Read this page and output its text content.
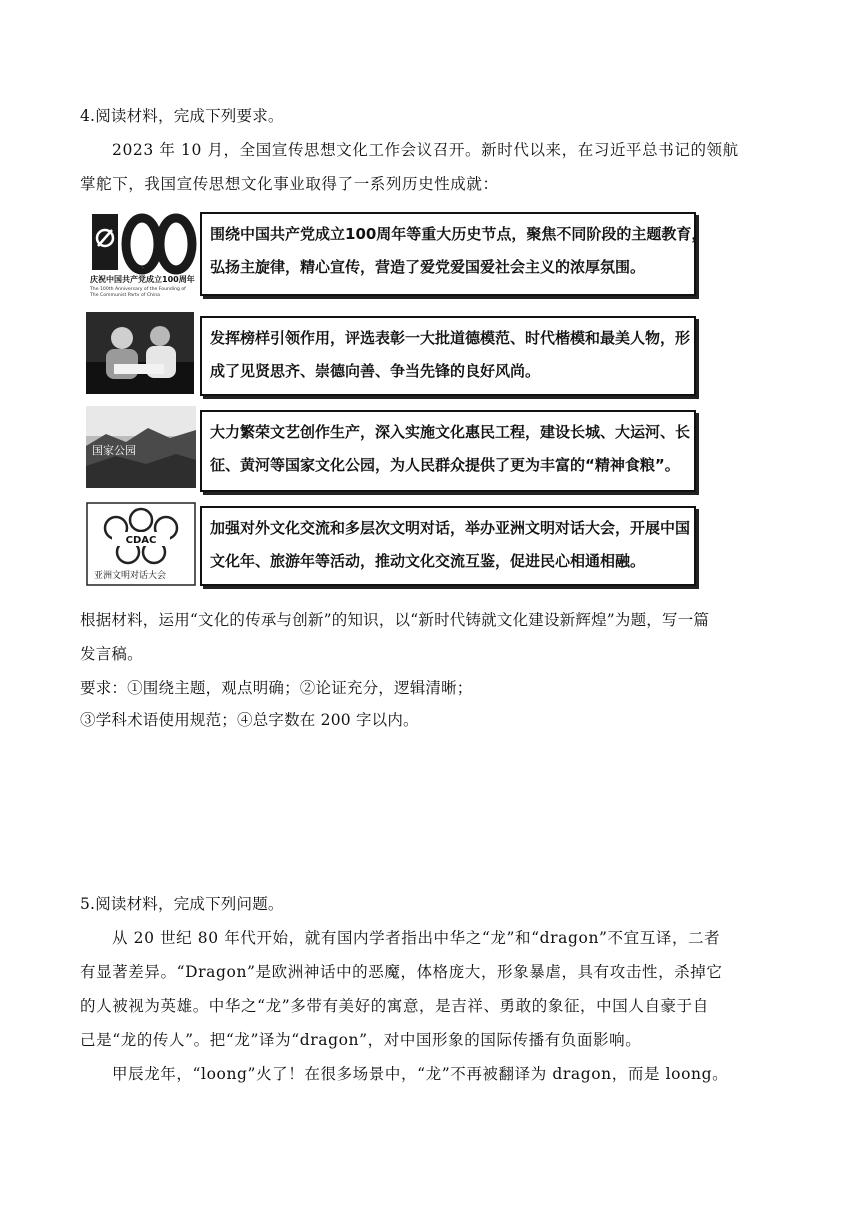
4.阅读材料，完成下列要求。
2023 年 10 月，全国宣传思想文化工作会议召开。新时代以来，在习近平总书记的领航
掌舵下，我国宣传思想文化事业取得了一系列历史性成就：
100
庆祝中国共产党成立100周年
The 100th Anniversary of the Founding of
The Communist Party of China
围绕中国共产党成立100周年等重大历史节点，聚焦不同阶段的主题教育，
弘扬主旋律，精心宣传，营造了爱党爱国爱社会主义的浓厚氛围。
发挥榜样引领作用，评选表彰一大批道德模范、时代楷模和最美人物，形
成了见贤思齐、崇德向善、争当先锋的良好风尚。
国家公园
大力繁荣文艺创作生产，深入实施文化惠民工程，建设长城、大运河、长
征、黄河等国家文化公园，为人民群众提供了更为丰富的“精神食粮”。
CDAC
亚洲文明对话大会
加强对外文化交流和多层次文明对话，举办亚洲文明对话大会，开展中国
文化年、旅游年等活动，推动文化交流互鉴，促进民心相通相融。
根据材料，运用“文化的传承与创新”的知识，以“新时代铸就文化建设新辉煌”为题，写一篇
发言稿。
要求：①围绕主题，观点明确；②论证充分，逻辑清晰；
③学科术语使用规范；④总字数在 200 字以内。
5.阅读材料，完成下列问题。
从 20 世纪 80 年代开始，就有国内学者指出中华之“龙”和“dragon”不宜互译，二者
有显著差异。“Dragon”是欧洲神话中的恶魔，体格庞大，形象暴虐，具有攻击性，杀掉它
的人被视为英雄。中华之“龙”多带有美好的寓意，是吉祥、勇敢的象征，中国人自豪于自
己是“龙的传人”。把“龙”译为“dragon”，对中国形象的国际传播有负面影响。
甲辰龙年，“loong”火了！在很多场景中，“龙”不再被翻译为 dragon，而是 loong。
